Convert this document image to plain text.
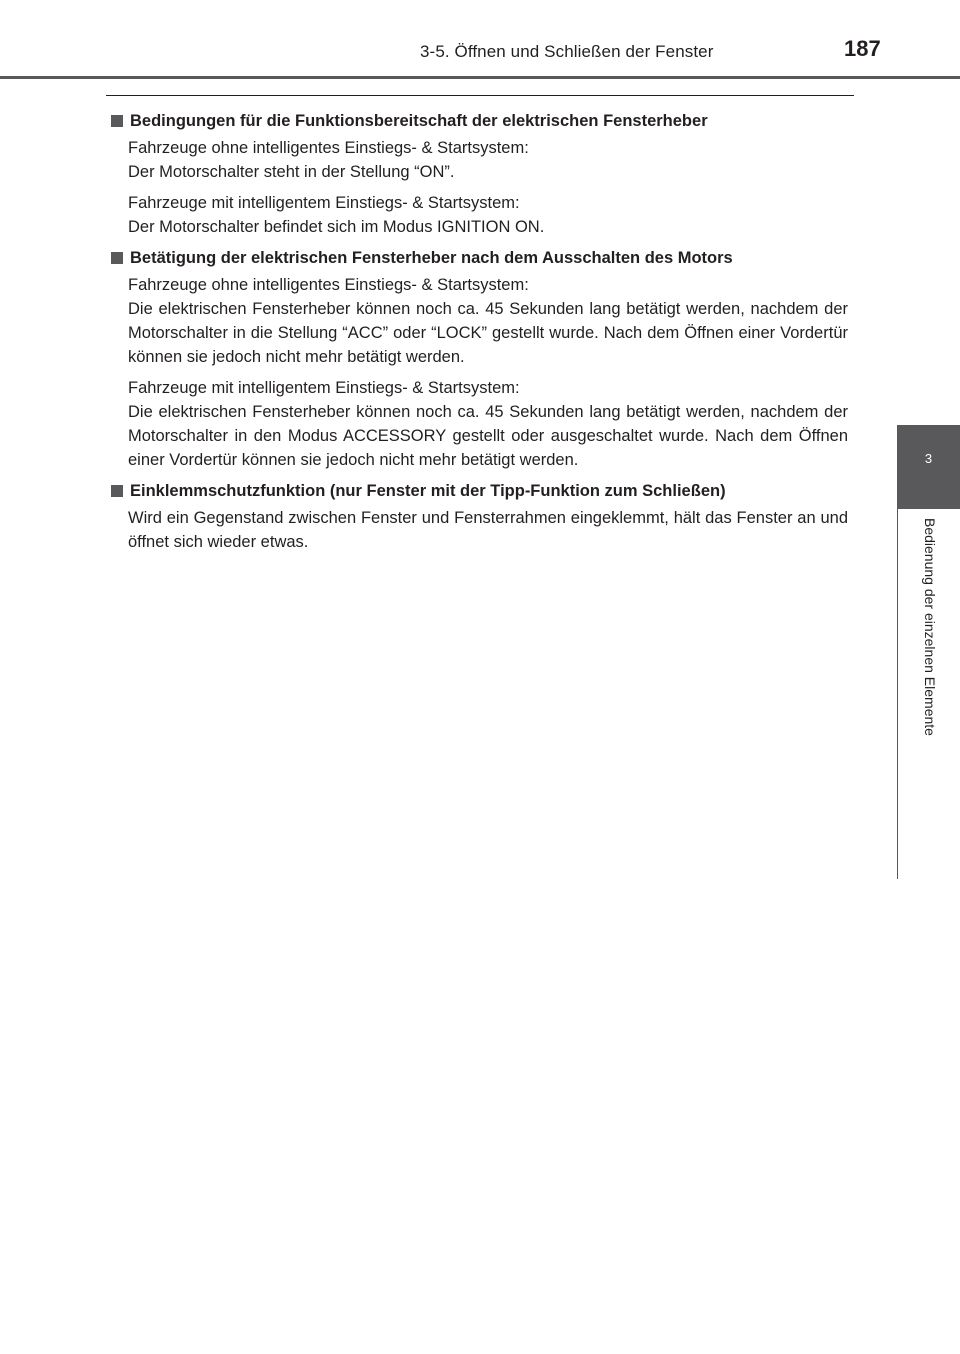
3-5. Öffnen und Schließen der Fenster	187
3
Bedienung der einzelnen Elemente
Bedingungen für die Funktionsbereitschaft der elektrischen Fensterheber
Fahrzeuge ohne intelligentes Einstiegs- & Startsystem:
Der Motorschalter steht in der Stellung “ON”.
Fahrzeuge mit intelligentem Einstiegs- & Startsystem:
Der Motorschalter befindet sich im Modus IGNITION ON.
Betätigung der elektrischen Fensterheber nach dem Ausschalten des Motors
Fahrzeuge ohne intelligentes Einstiegs- & Startsystem:
Die elektrischen Fensterheber können noch ca. 45 Sekunden lang betätigt werden, nachdem der Motorschalter in die Stellung “ACC” oder “LOCK” gestellt wurde. Nach dem Öffnen einer Vordertür können sie jedoch nicht mehr betätigt werden.
Fahrzeuge mit intelligentem Einstiegs- & Startsystem:
Die elektrischen Fensterheber können noch ca. 45 Sekunden lang betätigt werden, nachdem der Motorschalter in den Modus ACCESSORY gestellt oder ausgeschaltet wurde. Nach dem Öffnen einer Vordertür können sie jedoch nicht mehr betätigt werden.
Einklemmschutzfunktion (nur Fenster mit der Tipp-Funktion zum Schließen)
Wird ein Gegenstand zwischen Fenster und Fensterrahmen eingeklemmt, hält das Fenster an und öffnet sich wieder etwas.
